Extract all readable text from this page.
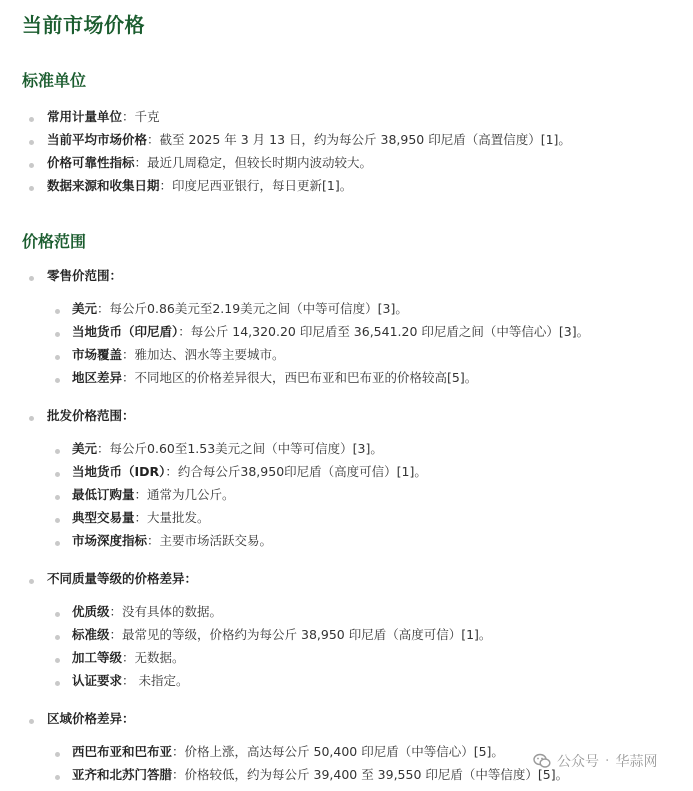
当前市场价格
标准单位
常用计量单位：千克
当前平均市场价格：截至 2025 年 3 月 13 日，约为每公斤 38,950 印尼盾（高置信度）[1]。
价格可靠性指标：最近几周稳定，但较长时期内波动较大。
数据来源和收集日期：印度尼西亚银行，每日更新[1]。
价格范围
零售价范围：
美元：每公斤0.86美元至2.19美元之间（中等可信度）[3]。
当地货币（印尼盾）：每公斤 14,320.20 印尼盾至 36,541.20 印尼盾之间（中等信心）[3]。
市场覆盖：雅加达、泗水等主要城市。
地区差异：不同地区的价格差异很大，西巴布亚和巴布亚的价格较高[5]。
批发价格范围：
美元：每公斤0.60至1.53美元之间（中等可信度）[3]。
当地货币（IDR）：约合每公斤38,950印尼盾（高度可信）[1]。
最低订购量：通常为几公斤。
典型交易量：大量批发。
市场深度指标：主要市场活跃交易。
不同质量等级的价格差异：
优质级：没有具体的数据。
标准级：最常见的等级，价格约为每公斤 38,950 印尼盾（高度可信）[1]。
加工等级：无数据。
认证要求： 未指定。
区域价格差异：
西巴布亚和巴布亚：价格上涨，高达每公斤 50,400 印尼盾（中等信心）[5]。
亚齐和北苏门答腊：价格较低，约为每公斤 39,400 至 39,550 印尼盾（中等信度）[5]。
公众号 · 华蒜网
